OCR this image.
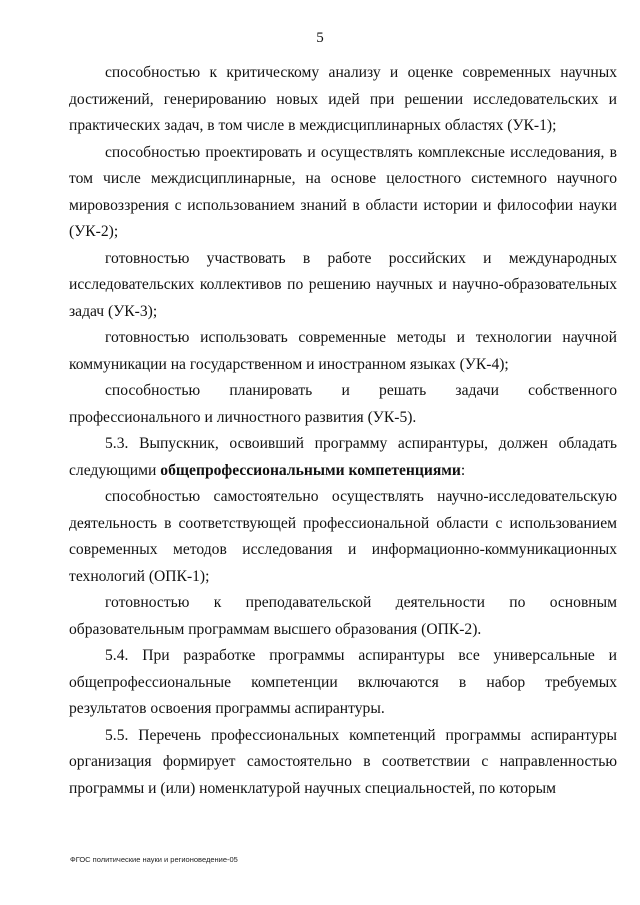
5

способностью к критическому анализу и оценке современных научных достижений, генерированию новых идей при решении исследовательских и практических задач, в том числе в междисциплинарных областях (УК-1);

способностью проектировать и осуществлять комплексные исследования, в том числе междисциплинарные, на основе целостного системного научного мировоззрения с использованием знаний в области истории и философии науки (УК-2);

готовностью участвовать в работе российских и международных исследовательских коллективов по решению научных и научно-образовательных задач (УК-3);

готовностью использовать современные методы и технологии научной коммуникации на государственном и иностранном языках (УК-4);

способностью планировать и решать задачи собственного профессионального и личностного развития (УК-5).

5.3. Выпускник, освоивший программу аспирантуры, должен обладать следующими общепрофессиональными компетенциями:

способностью самостоятельно осуществлять научно-исследовательскую деятельность в соответствующей профессиональной области с использованием современных методов исследования и информационно-коммуникационных технологий (ОПК-1);

готовностью к преподавательской деятельности по основным образовательным программам высшего образования (ОПК-2).

5.4. При разработке программы аспирантуры все универсальные и общепрофессиональные компетенции включаются в набор требуемых результатов освоения программы аспирантуры.

5.5. Перечень профессиональных компетенций программы аспирантуры организация формирует самостоятельно в соответствии с направленностью программы и (или) номенклатурой научных специальностей, по которым

ФГОС политические науки и регионоведение-05
